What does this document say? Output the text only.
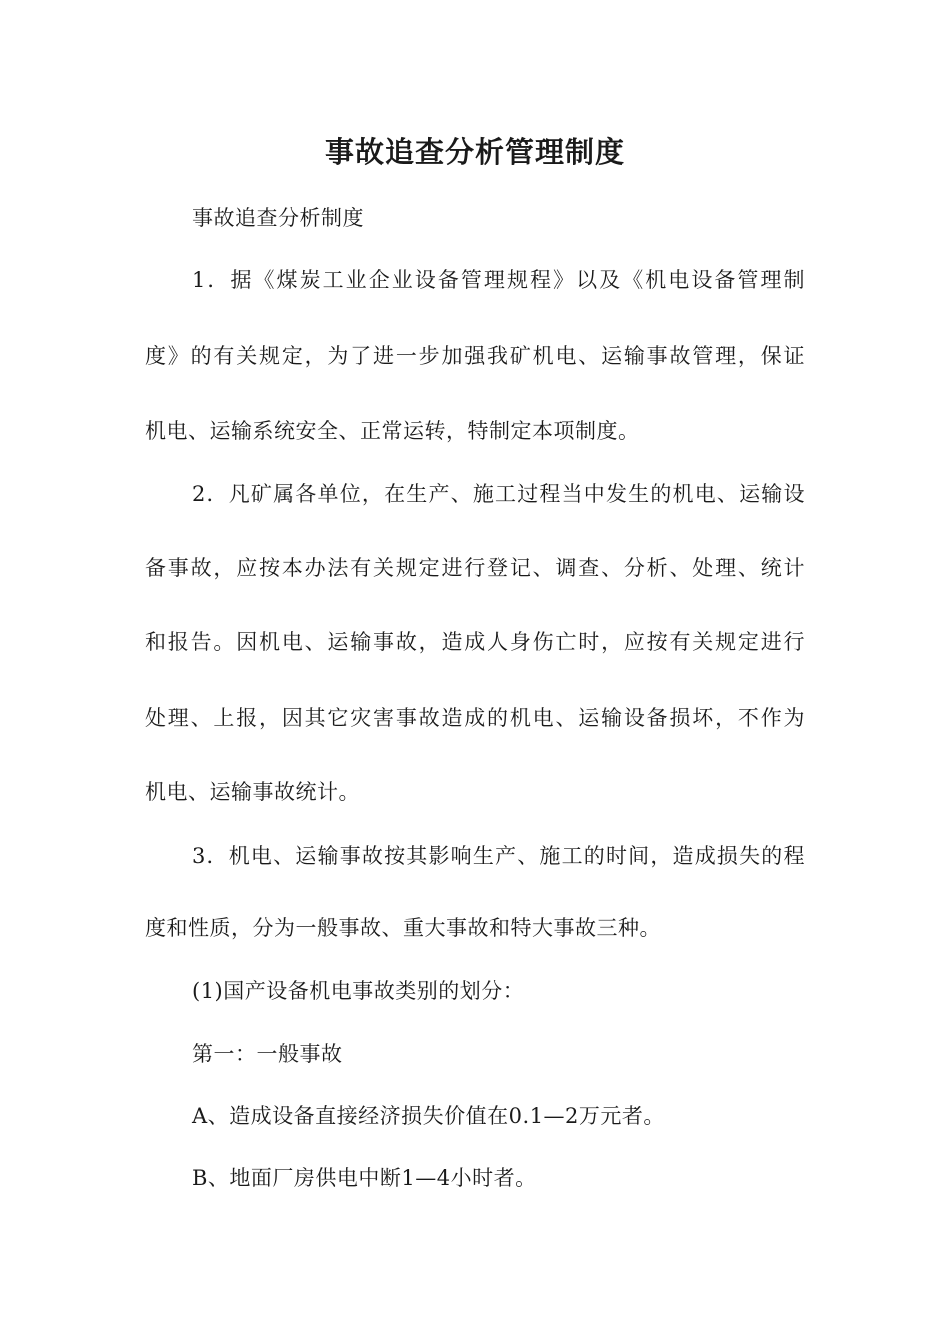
事故追查分析管理制度
事故追查分析制度
1．据《煤炭工业企业设备管理规程》以及《机电设备管理制
度》的有关规定，为了进一步加强我矿机电、运输事故管理，保证
机电、运输系统安全、正常运转，特制定本项制度。
2．凡矿属各单位，在生产、施工过程当中发生的机电、运输设
备事故，应按本办法有关规定进行登记、调查、分析、处理、统计
和报告。因机电、运输事故，造成人身伤亡时，应按有关规定进行
处理、上报，因其它灾害事故造成的机电、运输设备损坏，不作为
机电、运输事故统计。
3．机电、运输事故按其影响生产、施工的时间，造成损失的程
度和性质，分为一般事故、重大事故和特大事故三种。
(1)国产设备机电事故类别的划分：
第一：一般事故
A、造成设备直接经济损失价值在0.1—2万元者。
B、地面厂房供电中断1—4小时者。
